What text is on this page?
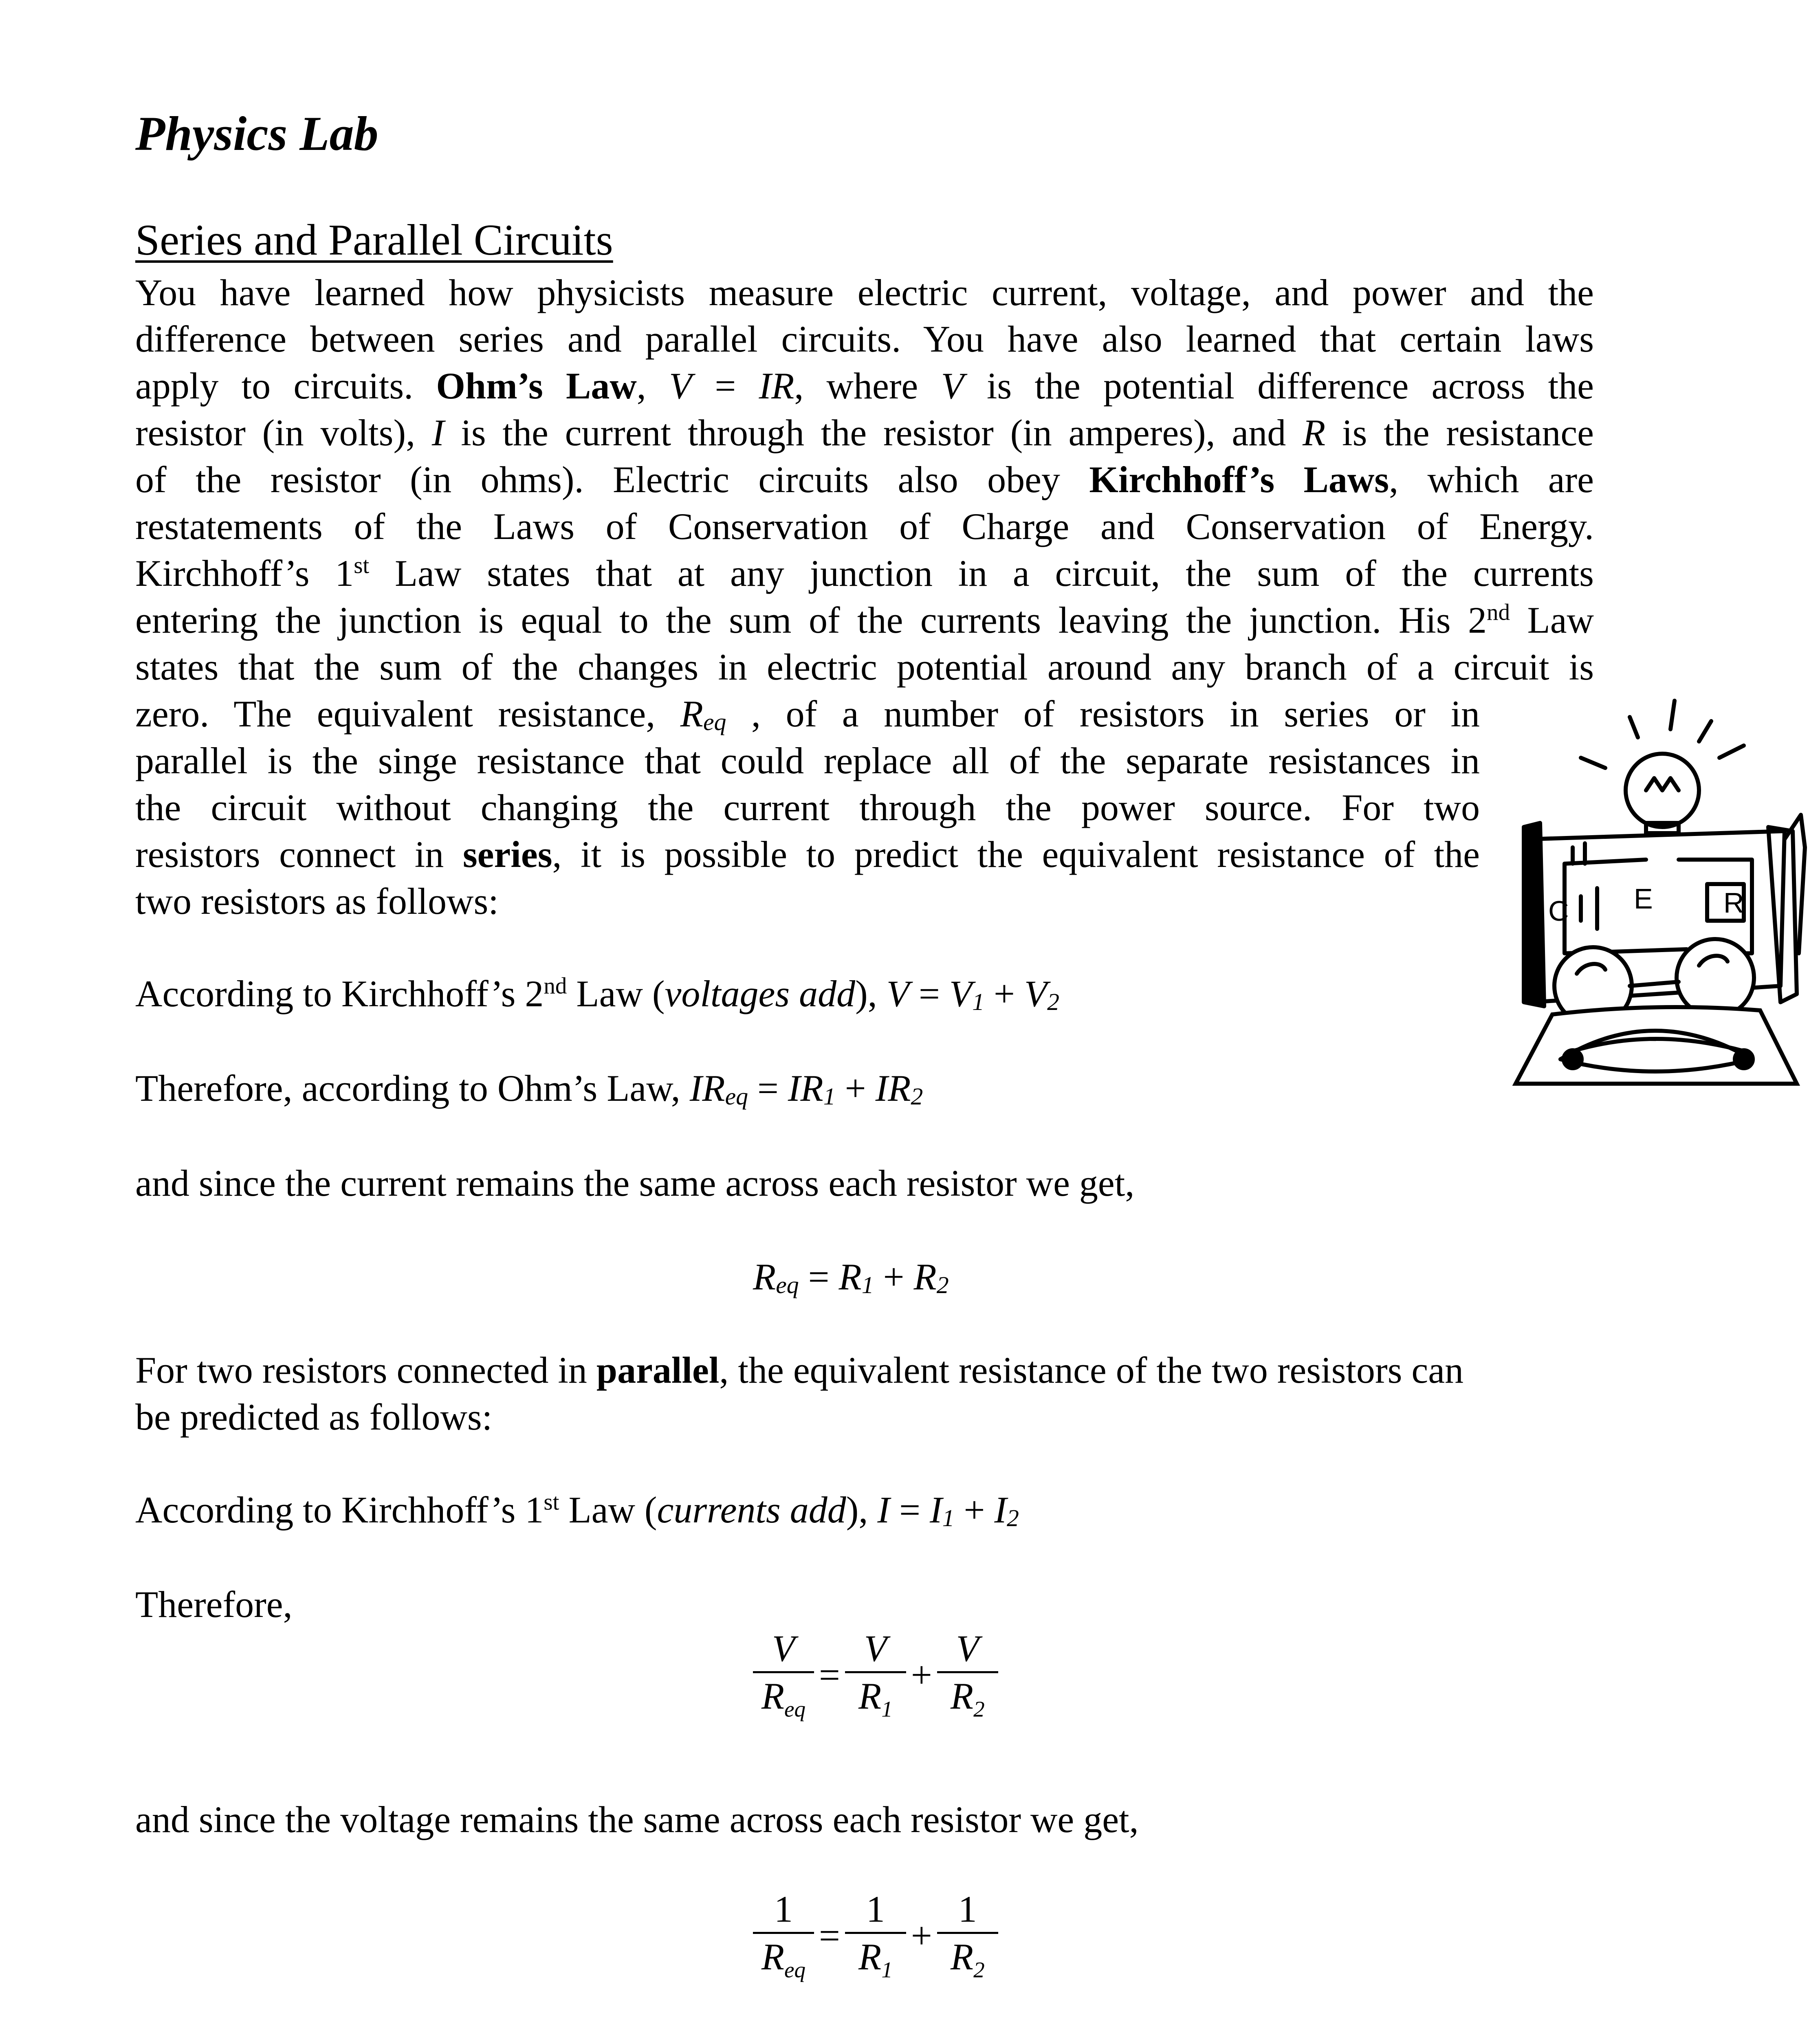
Physics Lab
Series and Parallel Circuits
You have learned how physicists measure electric current, voltage, and power and the
difference between series and parallel circuits. You have also learned that certain laws
apply to circuits. Ohm’s Law, V = IR, where V is the potential difference across the
resistor (in volts), I is the current through the resistor (in amperes), and R is the resistance
of the resistor (in ohms). Electric circuits also obey Kirchhoff’s Laws, which are
restatements of the Laws of Conservation of Charge and Conservation of Energy.
Kirchhoff’s 1st Law states that at any junction in a circuit, the sum of the currents
entering the junction is equal to the sum of the currents leaving the junction. His 2nd Law
states that the sum of the changes in electric potential around any branch of a circuit is
zero. The equivalent resistance, $R_{eq}$ , of a number of resistors in series or in
parallel is the singe resistance that could replace all of the separate resistances in
the circuit without changing the current through the power source. For two
resistors connect in series, it is possible to predict the equivalent resistance of the
two resistors as follows:
According to Kirchhoff’s 2nd Law (voltages add), $V = V_1 + V_2$
Therefore, according to Ohm’s Law, $IR_{eq} = IR_1 + IR_2$
and since the current remains the same across each resistor we get,
$R_{eq} = R_1 + R_2$
For two resistors connected in parallel, the equivalent resistance of the two resistors can
be predicted as follows:
According to Kirchhoff’s 1st Law (currents add), $I = I_1 + I_2$
Therefore,
V
$R_{eq}$
=
V
$R_1$
+
V
$R_2$
and since the voltage remains the same across each resistor we get,
1
$R_{eq}$
=
1
$R_1$
+
1
$R_2$
C E R
